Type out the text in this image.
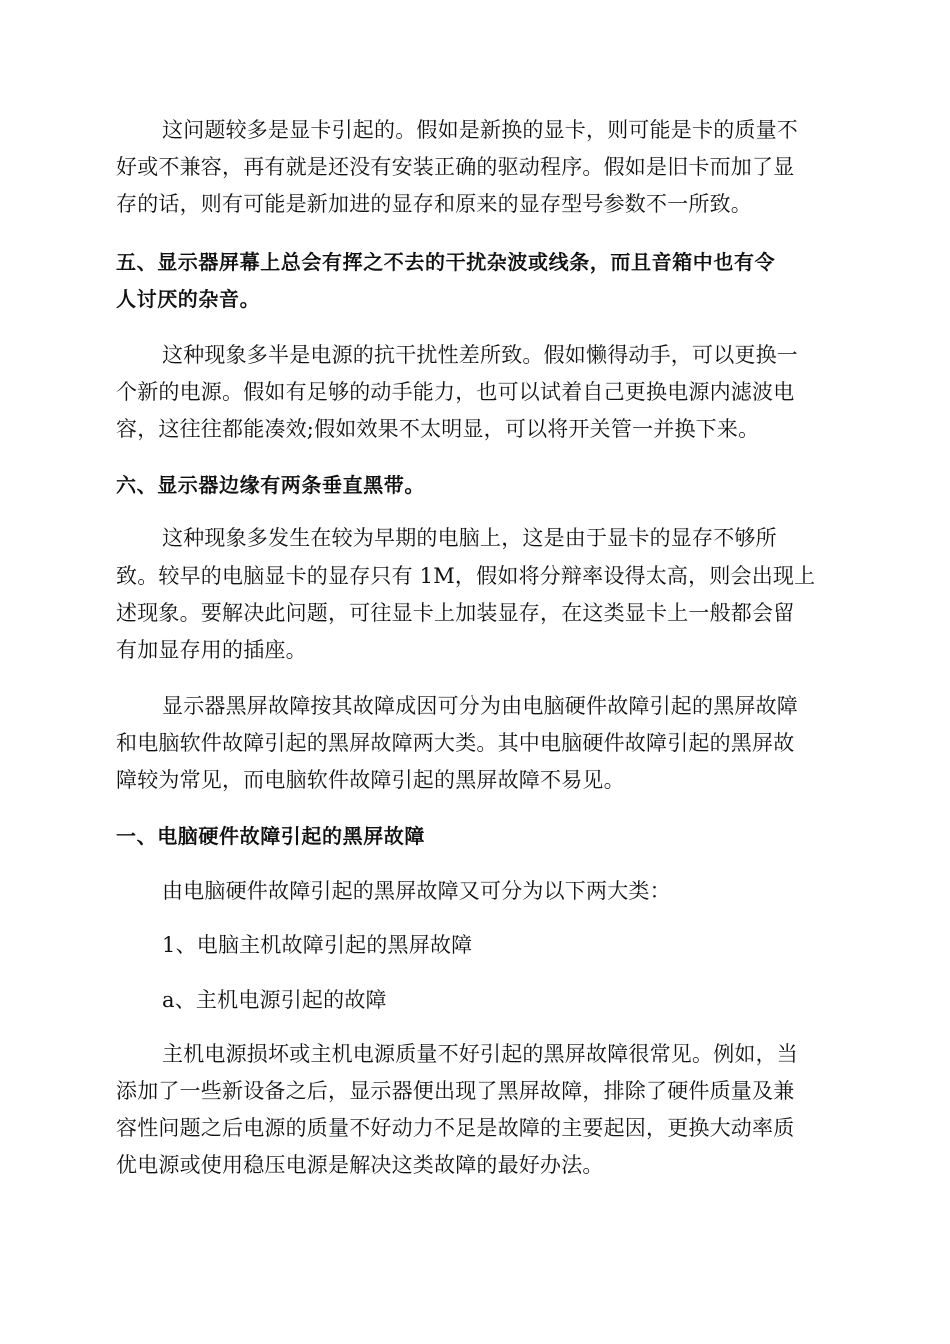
这问题较多是显卡引起的。假如是新换的显卡，则可能是卡的质量不
好或不兼容，再有就是还没有安装正确的驱动程序。假如是旧卡而加了显
存的话，则有可能是新加进的显存和原来的显存型号参数不一所致。
五、显示器屏幕上总会有挥之不去的干扰杂波或线条，而且音箱中也有令
人讨厌的杂音。
这种现象多半是电源的抗干扰性差所致。假如懒得动手，可以更换一
个新的电源。假如有足够的动手能力，也可以试着自己更换电源内滤波电
容，这往往都能凑效;假如效果不太明显，可以将开关管一并换下来。
六、显示器边缘有两条垂直黑带。
这种现象多发生在较为早期的电脑上，这是由于显卡的显存不够所
致。较早的电脑显卡的显存只有 1M，假如将分辩率设得太高，则会出现上
述现象。要解决此问题，可往显卡上加装显存，在这类显卡上一般都会留
有加显存用的插座。
显示器黑屏故障按其故障成因可分为由电脑硬件故障引起的黑屏故障
和电脑软件故障引起的黑屏故障两大类。其中电脑硬件故障引起的黑屏故
障较为常见，而电脑软件故障引起的黑屏故障不易见。
一、电脑硬件故障引起的黑屏故障
由电脑硬件故障引起的黑屏故障又可分为以下两大类：
1、电脑主机故障引起的黑屏故障
a、主机电源引起的故障
主机电源损坏或主机电源质量不好引起的黑屏故障很常见。例如，当
添加了一些新设备之后，显示器便出现了黑屏故障，排除了硬件质量及兼
容性问题之后电源的质量不好动力不足是故障的主要起因，更换大动率质
优电源或使用稳压电源是解决这类故障的最好办法。
